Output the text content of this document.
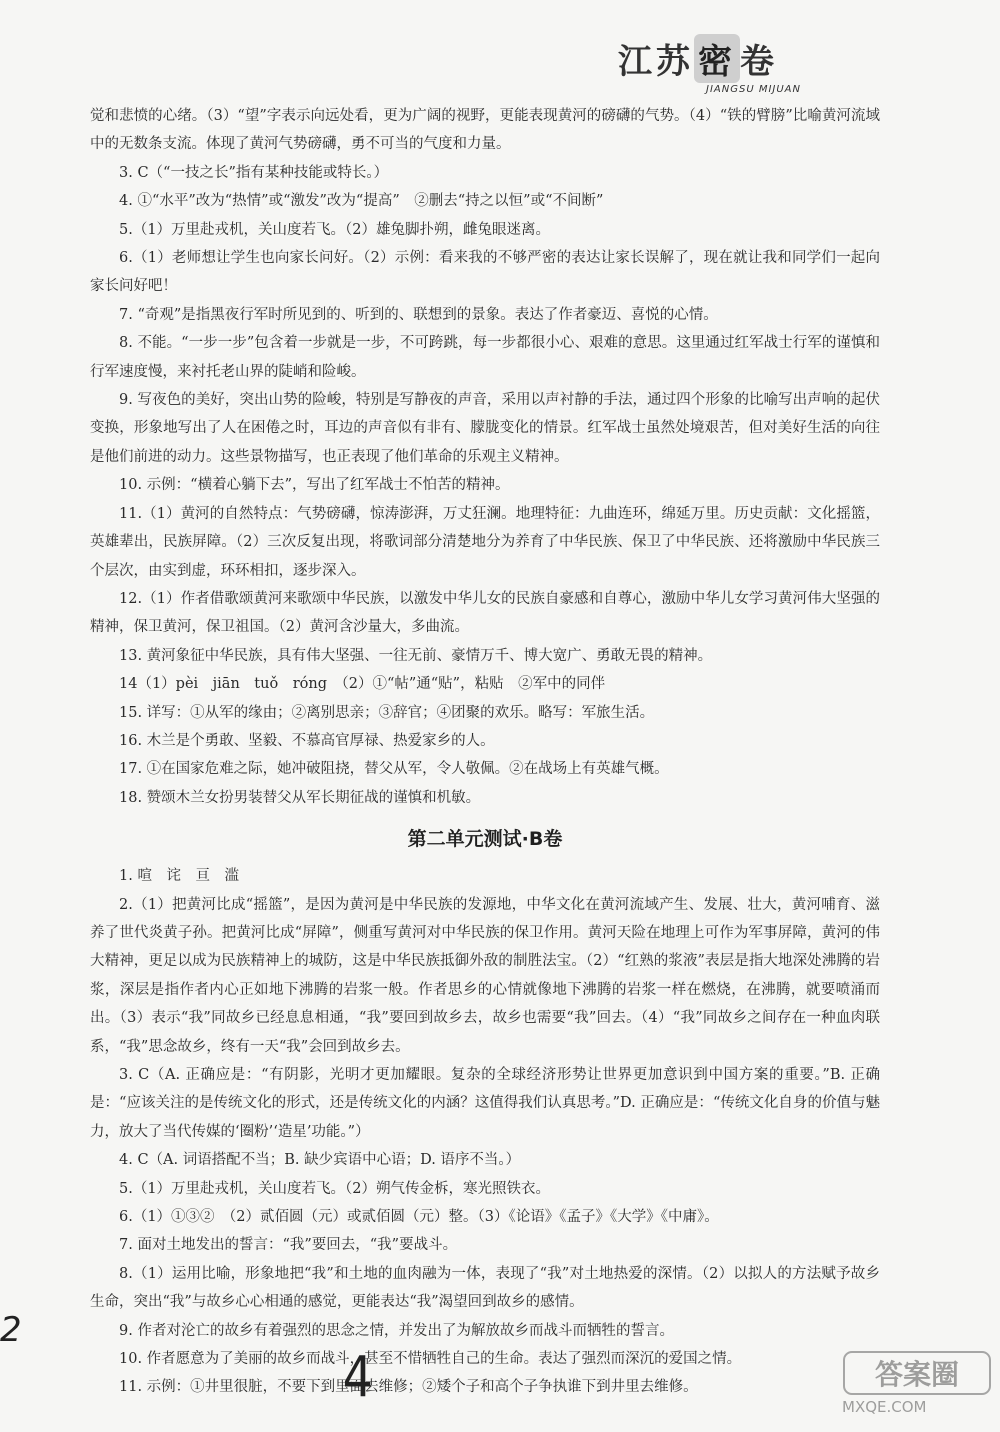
江苏 密 卷
JIANGSU MIJUAN
觉和悲愤的心绪。（3）“望”字表示向远处看，更为广阔的视野，更能表现黄河的磅礴的气势。（4）“铁的臂膀”比喻黄河流域中的无数条支流。体现了黄河气势磅礴，勇不可当的气度和力量。
3. C（“一技之长”指有某种技能或特长。）
4. ①“水平”改为“热情”或“激发”改为“提高”　②删去“持之以恒”或“不间断”
5.（1）万里赴戎机，关山度若飞。（2）雄兔脚扑朔，雌兔眼迷离。
6.（1）老师想让学生也向家长问好。（2）示例：看来我的不够严密的表达让家长误解了，现在就让我和同学们一起向家长问好吧！
7. “奇观”是指黑夜行军时所见到的、听到的、联想到的景象。表达了作者豪迈、喜悦的心情。
8. 不能。“一步一步”包含着一步就是一步，不可跨跳，每一步都很小心、艰难的意思。这里通过红军战士行军的谨慎和行军速度慢，来衬托老山界的陡峭和险峻。
9. 写夜色的美好，突出山势的险峻，特别是写静夜的声音，采用以声衬静的手法，通过四个形象的比喻写出声响的起伏变换，形象地写出了人在困倦之时，耳边的声音似有非有、朦胧变化的情景。红军战士虽然处境艰苦，但对美好生活的向往是他们前进的动力。这些景物描写，也正表现了他们革命的乐观主义精神。
10. 示例：“横着心躺下去”，写出了红军战士不怕苦的精神。
11.（1）黄河的自然特点：气势磅礴，惊涛澎湃，万丈狂澜。地理特征：九曲连环，绵延万里。历史贡献：文化摇篮，英雄辈出，民族屏障。（2）三次反复出现，将歌词部分清楚地分为养育了中华民族、保卫了中华民族、还将激励中华民族三个层次，由实到虚，环环相扣，逐步深入。
12.（1）作者借歌颂黄河来歌颂中华民族，以激发中华儿女的民族自豪感和自尊心，激励中华儿女学习黄河伟大坚强的精神，保卫黄河，保卫祖国。（2）黄河含沙量大，多曲流。
13. 黄河象征中华民族，具有伟大坚强、一往无前、豪情万千、博大宽广、勇敢无畏的精神。
14（1）pèi　jiān　tuǒ　róng　（2）①“帖”通“贴”，粘贴　②军中的同伴
15. 详写：①从军的缘由；②离别思亲；③辞官；④团聚的欢乐。略写：军旅生活。
16. 木兰是个勇敢、坚毅、不慕高官厚禄、热爱家乡的人。
17. ①在国家危难之际，她冲破阻挠，替父从军，令人敬佩。②在战场上有英雄气概。
18. 赞颂木兰女扮男装替父从军长期征战的谨慎和机敏。
第二单元测试·B卷
1. 喧　诧　亘　滥
2.（1）把黄河比成“摇篮”，是因为黄河是中华民族的发源地，中华文化在黄河流域产生、发展、壮大，黄河哺育、滋养了世代炎黄子孙。把黄河比成“屏障”，侧重写黄河对中华民族的保卫作用。黄河天险在地理上可作为军事屏障，黄河的伟大精神，更足以成为民族精神上的城防，这是中华民族抵御外敌的制胜法宝。（2）“红熟的浆液”表层是指大地深处沸腾的岩浆，深层是指作者内心正如地下沸腾的岩浆一般。作者思乡的心情就像地下沸腾的岩浆一样在燃烧，在沸腾，就要喷涌而出。（3）表示“我”同故乡已经息息相通，“我”要回到故乡去，故乡也需要“我”回去。（4）“我”同故乡之间存在一种血肉联系，“我”思念故乡，终有一天“我”会回到故乡去。
3. C（A. 正确应是：“有阴影，光明才更加耀眼。复杂的全球经济形势让世界更加意识到中国方案的重要。”B. 正确是：“应该关注的是传统文化的形式，还是传统文化的内涵？这值得我们认真思考。”D. 正确应是：“传统文化自身的价值与魅力，放大了当代传媒的‘圈粉’‘造星’功能。”）
4. C（A. 词语搭配不当；B. 缺少宾语中心语；D. 语序不当。）
5.（1）万里赴戎机，关山度若飞。（2）朔气传金柝，寒光照铁衣。
6.（1）①③②　（2）贰佰圆（元）或贰佰圆（元）整。（3）《论语》《孟子》《大学》《中庸》。
7. 面对土地发出的誓言：“我”要回去，“我”要战斗。
8.（1）运用比喻，形象地把“我”和土地的血肉融为一体，表现了“我”对土地热爱的深情。（2）以拟人的方法赋予故乡生命，突出“我”与故乡心心相通的感觉，更能表达“我”渴望回到故乡的感情。
9. 作者对沦亡的故乡有着强烈的思念之情，并发出了为解放故乡而战斗而牺牲的誓言。
10. 作者愿意为了美丽的故乡而战斗，甚至不惜牺牲自己的生命。表达了强烈而深沉的爱国之情。
11. 示例：①井里很脏，不要下到里面去维修；②矮个子和高个子争执谁下到井里去维修。
2
4	答案圈
MXQE.COM
